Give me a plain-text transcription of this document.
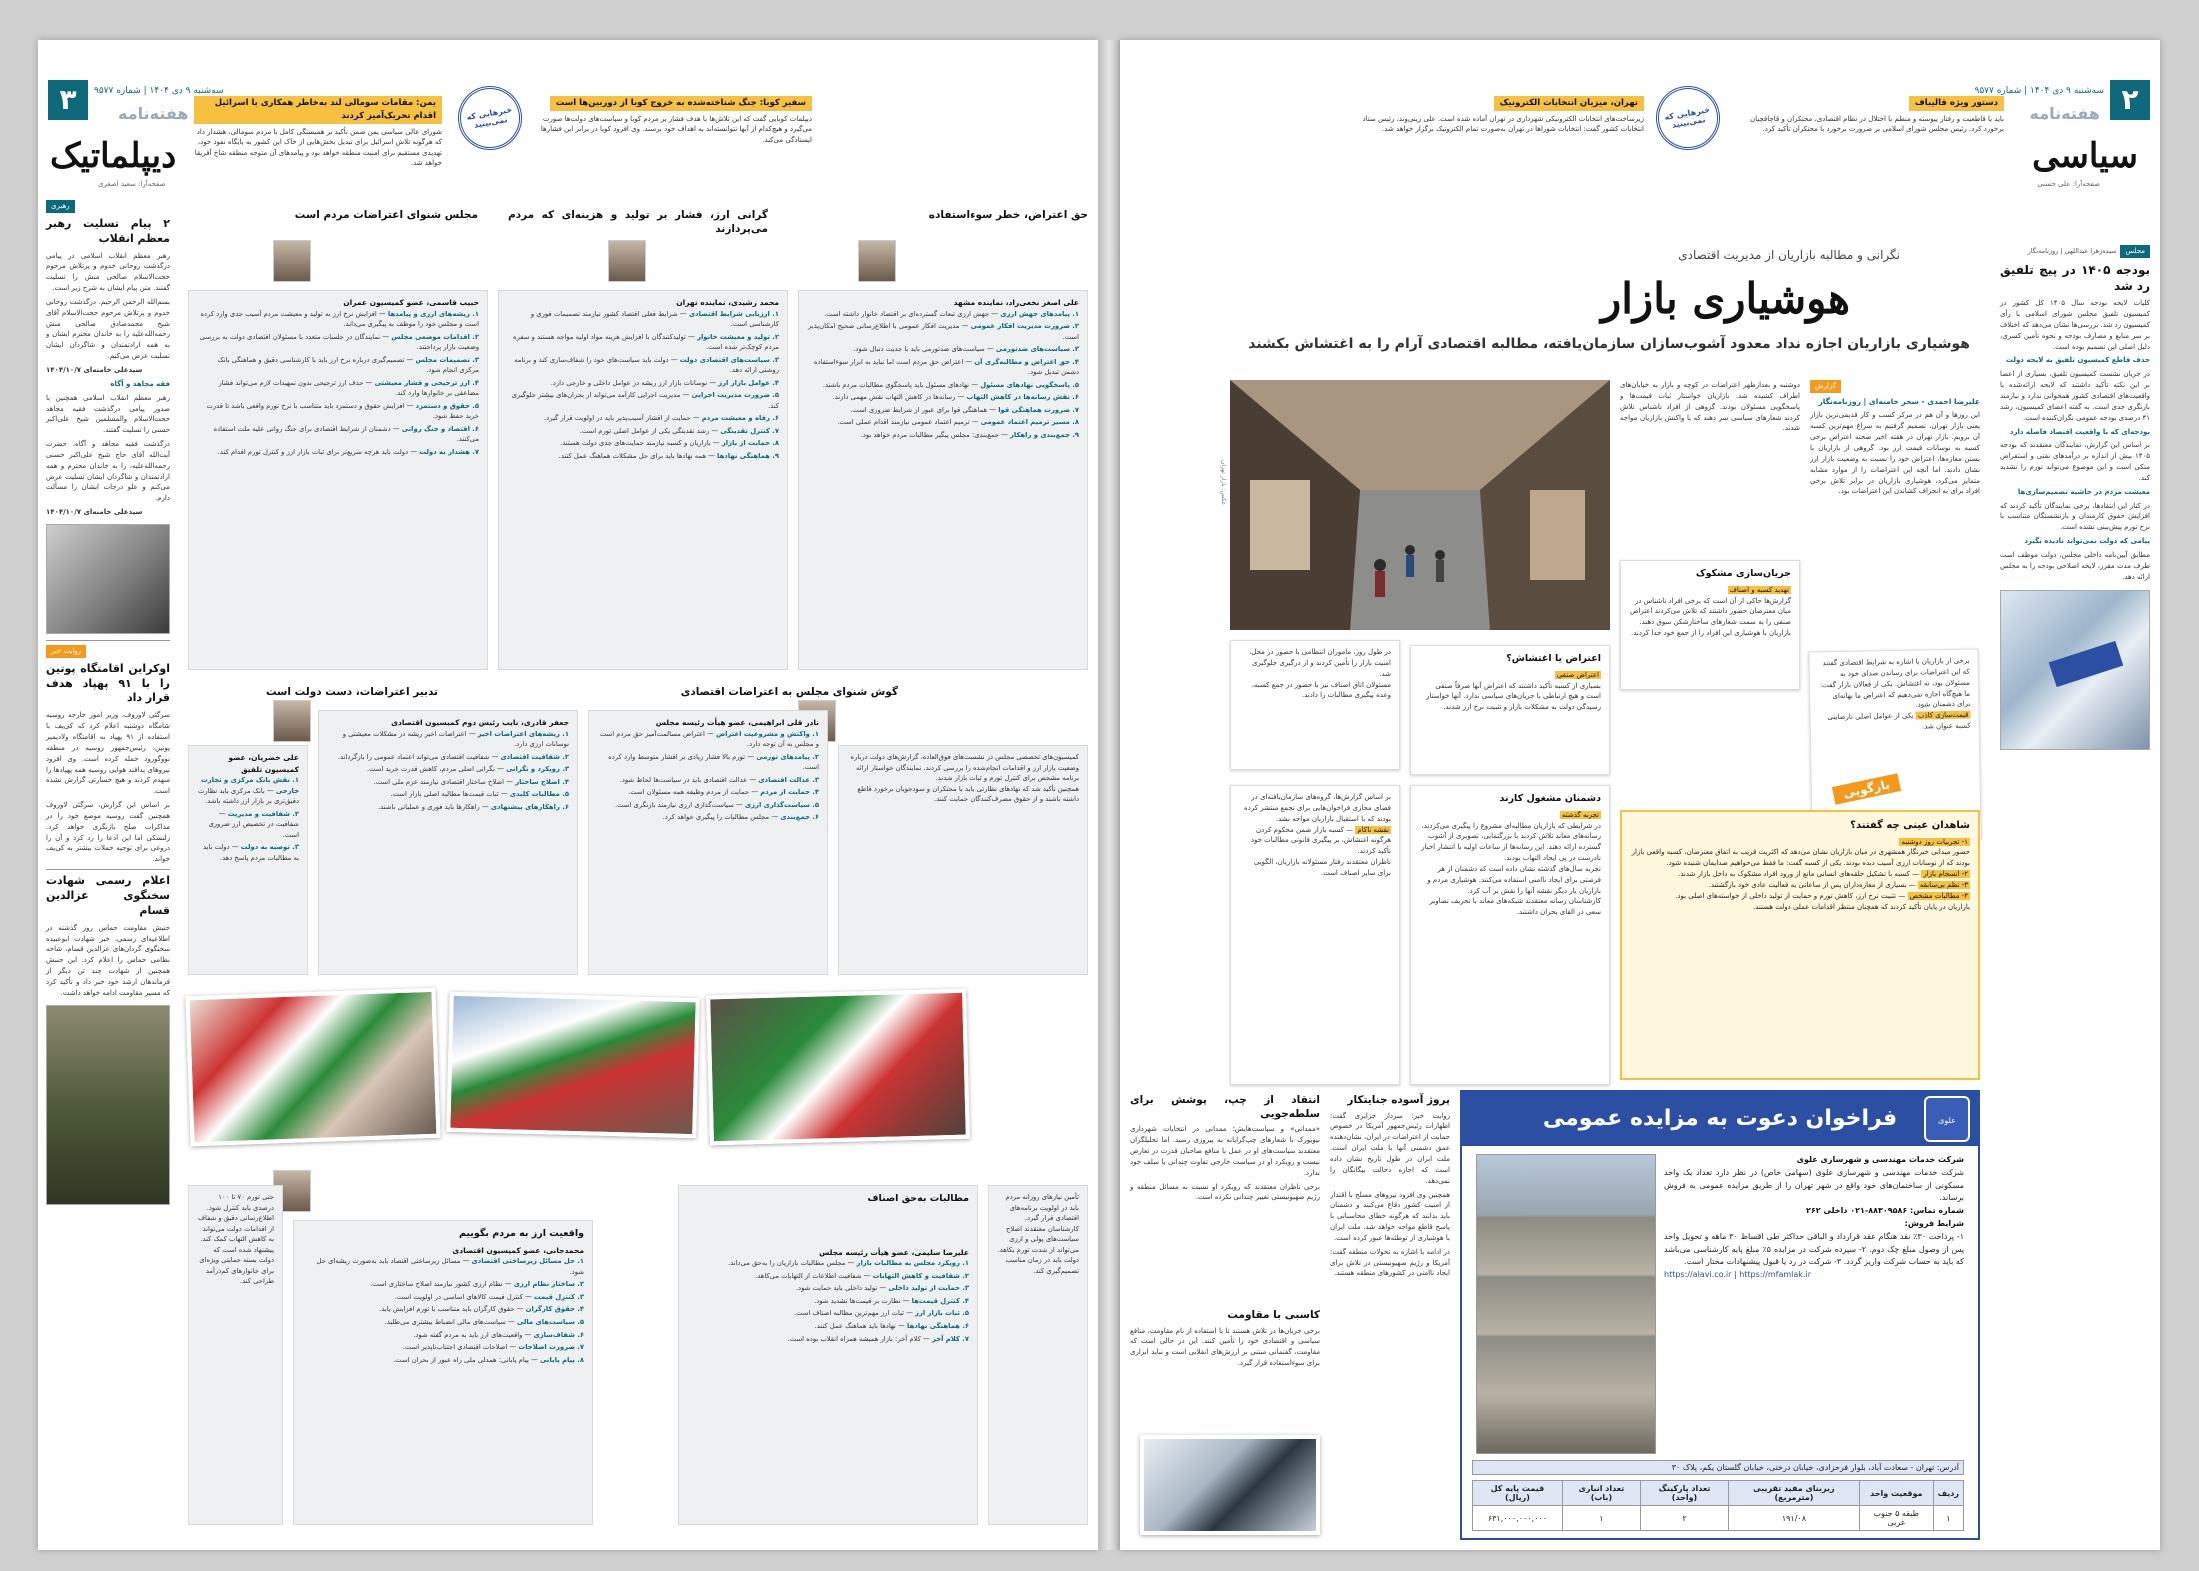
۳	سه‌شنبه ۹ دی ۱۴۰۴ | شماره ۹۵۷۷
هفته‌نامه
دیپلماتیک
صفحه‌آرا: سعید اصغری
یمن: مقامات سومالی لند به‌خاطر همکاری با اسرائیل اقدام تحریک‌آمیز کردند
شورای عالی سیاسی یمن ضمن تأکید بر همبستگی کامل با مردم سومالی، هشدار داد که هرگونه تلاش اسرائیل برای تبدیل بخش‌هایی از خاک این کشور به پایگاه نفوذ خود، تهدیدی مستقیم برای امنیت منطقه خواهد بود و پیامدهای آن متوجه منطقه شاخ آفریقا خواهد شد.
خبرهایی که نمی‌بینید
سفیر کوبا: جنگ شناخته‌شده به خروج کوبا از دوربین‌ها است
دیپلمات کوبایی گفت که این تلاش‌ها با هدف فشار بر مردم کوبا و سیاست‌های دولت‌ها صورت می‌گیرد و هیچ‌کدام از آنها نتوانسته‌اند به اهداف خود برسند. وی افزود کوبا در برابر این فشارها ایستادگی می‌کند.
رهبری
۲ پیام تسلیت رهبر معظم انقلاب

رهبر معظم انقلاب اسلامی در پیامی درگذشت روحانی خدوم و پرتلاش مرحوم حجت‌الاسلام صالحی منش را تسلیت گفتند. متن پیام ایشان به شرح زیر است.

بسم‌الله الرحمن الرحیم. درگذشت روحانی خدوم و پرتلاش مرحوم حجت‌الاسلام آقای شیخ محمدصادق صالحی منش رحمه‌الله‌علیه را به خاندان محترم ایشان و به همه ارادتمندان و شاگردان ایشان تسلیت عرض می‌کنم.

سیدعلی خامنه‌ای ۱۴۰۴/۱۰/۷

فقه مجاهد و آگاه

رهبر معظم انقلاب اسلامی همچنین با صدور پیامی درگذشت فقیه مجاهد حجت‌الاسلام والمسلمین شیخ علی‌اکبر حسنی را تسلیت گفتند.

درگذشت فقیه مجاهد و آگاه، حضرت آیت‌الله آقای حاج شیخ علی‌اکبر حسنی رحمه‌الله‌علیه، را به خاندان محترم و همه ارادتمندان و شاگردان ایشان تسلیت عرض می‌کنم و علو درجات ایشان را مسألت دارم.

سیدعلی خامنه‌ای ۱۴۰۴/۱۰/۷

روایت خبر
اوکراین اقامتگاه پوتین را با ۹۱ پهپاد هدف قرار داد

سرگئی لاوروف، وزیر امور خارجه روسیه شامگاه دوشنبه اعلام کرد که کی‌یف با استفاده از ۹۱ پهپاد به اقامتگاه ولادیمیر پوتین، رئیس‌جمهور روسیه در منطقه نووگورود حمله کرده است. وی افزود نیروهای پدافند هوایی روسیه همه پهپادها را منهدم کردند و هیچ خسارتی گزارش نشده است.

بر اساس این گزارش، سرگئی لاوروف همچنین گفت روسیه موضع خود را در مذاکرات صلح بازنگری خواهد کرد. زلنسکی اما این ادعا را رد کرد و آن را دروغی برای توجیه حملات بیشتر به کی‌یف خواند.

اعلام رسمی شهادت سخنگوی عزالدین قسام

جنبش مقاومت حماس روز گذشته در اطلاعیه‌ای رسمی، خبر شهادت ابوعبیده سخنگوی گردان‌های عزالدین قسام، شاخه نظامی حماس را اعلام کرد. این جنبش همچنین از شهادت چند تن دیگر از فرماندهان ارشد خود خبر داد و تأکید کرد که مسیر مقاومت ادامه خواهد داشت.

مجلس شنوای اعتراضات مردم است	گرانی ارز، فشار بر تولید و هزینه‌ای که مردم می‌پردازند
حق اعتراض، خطر سوءاستفاده
حبیب قاسمی، عضو کمیسیون عمران
۱. ریشه‌های ارزی و پیامدها — افزایش نرخ ارز به تولید و معیشت مردم آسیب جدی وارد کرده است و مجلس خود را موظف به پیگیری می‌داند.
۲. اقدامات موضعی مجلس — نمایندگان در جلسات متعدد با مسئولان اقتصادی دولت به بررسی وضعیت بازار پرداختند.
۳. تصمیمات مجلس — تصمیم‌گیری درباره نرخ ارز باید با کارشناسی دقیق و هماهنگی بانک مرکزی انجام شود.
۴. ارز ترجیحی و فشار معیشتی — حذف ارز ترجیحی بدون تمهیدات لازم می‌تواند فشار مضاعفی بر خانوارها وارد کند.
۵. حقوق و دستمزد — افزایش حقوق و دستمزد باید متناسب با نرخ تورم واقعی باشد تا قدرت خرید حفظ شود.
۶. اقتصاد و جنگ روانی — دشمنان از شرایط اقتصادی برای جنگ روانی علیه ملت استفاده می‌کنند.
۷. هشدار به دولت — دولت باید هرچه سریع‌تر برای ثبات بازار ارز و کنترل تورم اقدام کند.
محمد رشیدی، نماینده تهران
۱. ارزیابی شرایط اقتصادی — شرایط فعلی اقتصاد کشور نیازمند تصمیمات فوری و کارشناسی است.
۲. تولید و معیشت خانوار — تولیدکنندگان با افزایش هزینه مواد اولیه مواجه هستند و سفره مردم کوچک‌تر شده است.
۳. سیاست‌های اقتصادی دولت — دولت باید سیاست‌های خود را شفاف‌سازی کند و برنامه روشنی ارائه دهد.
۴. عوامل بازار ارز — نوسانات بازار ارز ریشه در عوامل داخلی و خارجی دارد.
۵. ضرورت مدیریت اجرایی — مدیریت اجرایی کارآمد می‌تواند از بحران‌های بیشتر جلوگیری کند.
۶. رفاه و معیشت مردم — حمایت از اقشار آسیب‌پذیر باید در اولویت قرار گیرد.
۷. کنترل نقدینگی — رشد نقدینگی یکی از عوامل اصلی تورم است.
۸. حمایت از بازار — بازاریان و کسبه نیازمند حمایت‌های جدی دولت هستند.
۹. هماهنگی نهادها — همه نهادها باید برای حل مشکلات هماهنگ عمل کنند.
علی اصغر نخعی‌راد، نماینده مشهد
۱. پیامدهای جهش ارزی — جهش ارزی تبعات گسترده‌ای بر اقتصاد خانوار داشته است.
۲. ضرورت مدیریت افکار عمومی — مدیریت افکار عمومی با اطلاع‌رسانی صحیح امکان‌پذیر است.
۳. سیاست‌های ضدتورمی — سیاست‌های ضدتورمی باید با جدیت دنبال شود.
۴. حق اعتراض و مطالبه‌گری آن — اعتراض حق مردم است اما نباید به ابزار سوءاستفاده دشمن تبدیل شود.
۵. پاسخگویی نهادهای مسئول — نهادهای مسئول باید پاسخگوی مطالبات مردم باشند.
۶. نقش رسانه‌ها در کاهش التهاب — رسانه‌ها در کاهش التهاب نقش مهمی دارند.
۷. ضرورت هماهنگی قوا — هماهنگی قوا برای عبور از شرایط ضروری است.
۸. مسیر ترمیم اعتماد عمومی — ترمیم اعتماد عمومی نیازمند اقدام عملی است.
۹. جمع‌بندی و راهکار — جمع‌بندی: مجلس پیگیر مطالبات مردم خواهد بود.
تدبیر اعتراضات، دست دولت است	گوش شنوای مجلس به اعتراضات اقتصادی
علی خضریان، عضو کمیسیون تلفیق
۱. نقش بانک مرکزی و تجارت خارجی — بانک مرکزی باید نظارت دقیق‌تری بر بازار ارز داشته باشد.
۲. شفافیت و مدیریت — شفافیت در تخصیص ارز ضروری است.
۳. توصیه به دولت — دولت باید به مطالبات مردم پاسخ دهد.
جعفر قادری، نایب رئیس دوم کمیسیون اقتصادی
۱. ریشه‌های اعتراضات اخیر — اعتراضات اخیر ریشه در مشکلات معیشتی و نوسانات ارزی دارد.
۲. شفافیت اقتصادی — شفافیت اقتصادی می‌تواند اعتماد عمومی را بازگرداند.
۳. رویکرد و نگرانی — نگرانی اصلی مردم، کاهش قدرت خرید است.
۴. اصلاح ساختار — اصلاح ساختار اقتصادی نیازمند عزم ملی است.
۵. مطالبات کلیدی — ثبات قیمت‌ها مطالبه اصلی بازار است.
۶. راهکارهای پیشنهادی — راهکارها باید فوری و عملیاتی باشند.
نادر قلی ابراهیمی، عضو هیأت رئیسه مجلس
۱. واکنش و مشروعیت اعتراض — اعتراض مسالمت‌آمیز حق مردم است و مجلس به آن توجه دارد.
۲. پیامدهای تورمی — تورم بالا فشار زیادی بر اقشار متوسط وارد کرده است.
۳. عدالت اقتصادی — عدالت اقتصادی باید در سیاست‌ها لحاظ شود.
۴. حمایت از مردم — حمایت از مردم وظیفه همه مسئولان است.
۵. سیاست‌گذاری ارزی — سیاست‌گذاری ارزی نیازمند بازنگری است.
۶. جمع‌بندی — مجلس مطالبات را پیگیری خواهد کرد.

کمیسیون‌های تخصصی مجلس در نشست‌های فوق‌العاده، گزارش‌های دولت درباره وضعیت بازار ارز و اقدامات انجام‌شده را بررسی کردند. نمایندگان خواستار ارائه برنامه مشخص برای کنترل تورم و ثبات بازار شدند.

همچنین تأکید شد که نهادهای نظارتی باید با محتکران و سودجویان برخورد قاطع داشته باشند و از حقوق مصرف‌کنندگان حمایت کنند.

حتی تورم ۷۰ تا ۱۰۰ درصدی باید کنترل شود. اطلاع‌رسانی دقیق و شفاف از اقدامات دولت می‌تواند به کاهش التهاب کمک کند.

پیشنهاد شده است که دولت بسته حمایتی ویژه‌ای برای خانوارهای کم‌درآمد طراحی کند.

واقعیت ارز به مردم بگوییم
محمدجانی، عضو کمیسیون اقتصادی
۱. حل مسائل زیرساختی اقتصادی — مسائل زیرساختی اقتصاد باید به‌صورت ریشه‌ای حل شود.
۲. ساختار نظام ارزی — نظام ارزی کشور نیازمند اصلاح ساختاری است.
۳. کنترل قیمت — کنترل قیمت کالاهای اساسی در اولویت است.
۴. حقوق کارگران — حقوق کارگران باید متناسب با تورم افزایش یابد.
۵. سیاست‌های مالی — سیاست‌های مالی انضباط بیشتری می‌طلبد.
۶. شفاف‌سازی — واقعیت‌های ارز باید به مردم گفته شود.
۷. ضرورت اصلاحات — اصلاحات اقتصادی اجتناب‌ناپذیر است.
۸. پیام پایانی — پیام پایانی: همدلی ملی راه عبور از بحران است.
مطالبات به‌حق اصناف
علیرضا سلیمی، عضو هیأت رئیسه مجلس
۱. رویکرد مجلس به مطالبات بازار — مجلس مطالبات بازاریان را به‌حق می‌داند.
۲. شفافیت و کاهش التهابات — شفافیت اطلاعات از التهابات می‌کاهد.
۳. حمایت از تولید داخلی — تولید داخلی باید حمایت شود.
۴. کنترل قیمت‌ها — نظارت بر قیمت‌ها تشدید شود.
۵. ثبات بازار ارز — ثبات ارز مهم‌ترین مطالبه اصناف است.
۶. هماهنگی نهادها — نهادها باید هماهنگ عمل کنند.
۷. کلام آخر — کلام آخر: بازار همیشه همراه انقلاب بوده است.

تأمین نیازهای روزانه مردم باید در اولویت برنامه‌های اقتصادی قرار گیرد. کارشناسان معتقدند اصلاح سیاست‌های پولی و ارزی می‌تواند از شدت تورم بکاهد.

دولت باید در زمان مناسب تصمیم‌گیری کند.

۲
سه‌شنبه ۹ دی ۱۴۰۴ | شماره ۹۵۷۷
هفته‌نامه
سیاسی
صفحه‌آرا: علی حسنی
دستور ویژه قالیباف
باید با قاطعیت و رفتار پیوسته و منظم با اختلال در نظام اقتصادی، محتکران و قاچاقچیان برخورد کرد. رئیس مجلس شورای اسلامی بر ضرورت برخورد با محتکران تأکید کرد.
خبرهایی که نمی‌بینید
تهران، میزبان انتخابات الکترونیک
زیرساخت‌های انتخابات الکترونیکی شهرداری در تهران آماده شده است. علی زینی‌وند، رئیس ستاد انتخابات کشور گفت: انتخابات شوراها در تهران به‌صورت تمام الکترونیک برگزار خواهد شد.
مجلس
سیده‌زهرا عبداللهی | روزنامه‌نگار
بودجه ۱۴۰۵ در پیچ تلفیق رد شد

کلیات لایحه بودجه سال ۱۴۰۵ کل کشور در کمیسیون تلفیق مجلس شورای اسلامی با رأی کمیسیون رد شد. بررسی‌ها نشان می‌دهد که اختلاف بر سر منابع و مصارف بودجه و نحوه تأمین کسری، دلیل اصلی این تصمیم بوده است.

حذف قاطع کمیسیون تلفیق به لایحه دولت

در جریان نشست کمیسیون تلفیق، بسیاری از اعضا بر این نکته تأکید داشتند که لایحه ارائه‌شده با واقعیت‌های اقتصادی کشور همخوانی ندارد و نیازمند بازنگری جدی است. به گفته اعضای کمیسیون، رشد ۴۱ درصدی بودجه عمومی نگران‌کننده است.

بودجه‌ای که با واقعیت اقتصاد فاصله دارد

بر اساس این گزارش، نمایندگان معتقدند که بودجه ۱۴۰۵ بیش از اندازه بر درآمدهای نفتی و استقراض متکی است و این موضوع می‌تواند تورم را تشدید کند.

معیشت مردم در حاشیه تصمیم‌سازی‌ها

در کنار این انتقادها، برخی نمایندگان تأکید کردند که افزایش حقوق کارمندان و بازنشستگان متناسب با نرخ تورم پیش‌بینی نشده است.

پیامی که دولت نمی‌تواند نادیده بگیرد

مطابق آیین‌نامه داخلی مجلس، دولت موظف است ظرف مدت مقرر، لایحه اصلاحی بودجه را به مجلس ارائه دهد.

نگرانی و مطالبه بازاریان از مدیریت اقتصادی
هوشیاری بازار
هوشیاری بازاریان اجازه نداد معدود آشوب‌سازان سازمان‌یافته، مطالبه اقتصادی آرام را به اغتشاش بکشند
گزارش
علیرضا احمدی - سحر خامنه‌ای | روزنامه‌نگار

این روزها و آن هم در مرکز کسب و کار قدیمی‌ترین بازار یعنی بازار تهران، تصمیم گرفتیم به سراغ مهم‌ترین کسبه آن برویم. بازار تهران در هفته اخیر صحنه اعتراض برخی کسبه به نوسانات قیمت ارز بود. گروهی از بازاریان با بستن مغازه‌ها، اعتراض خود را نسبت به وضعیت بازار ارز نشان دادند. اما آنچه این اعتراضات را از موارد مشابه متمایز می‌کرد، هوشیاری بازاریان در برابر تلاش برخی افراد برای به انحراف کشاندن این اعتراضات بود.

دوشنبه و بعدازظهر اعتراضات در کوچه و بازار به خیابان‌های اطراف کشیده شد. بازاریان خواستار ثبات قیمت‌ها و پاسخگویی مسئولان بودند. گروهی از افراد ناشناس تلاش کردند شعارهای سیاسی سر دهند که با واکنش بازاریان مواجه شدند.

عکس: بازار تهران
جریان‌سازی مشکوک
تهدید کسبه و اصناف

گزارش‌ها حاکی از آن است که برخی افراد ناشناس در میان معترضان حضور داشتند که تلاش می‌کردند اعتراض صنفی را به سمت شعارهای ساختارشکن سوق دهند. بازاریان با هوشیاری این افراد را از جمع خود جدا کردند.

برخی از بازاریان با اشاره به شرایط اقتصادی گفتند که این اعتراضات برای رساندن صدای خود به مسئولان بود، نه اغتشاش. یکی از فعالان بازار گفت: ما هیچ‌گاه اجازه نمی‌دهیم که اعتراض ما بهانه‌ای برای دشمنان شود.

قیمت‌سازی کاذب یکی از عوامل اصلی نارضایتی کسبه عنوان شد.

اعتراض یا اغتشاش؟
اعتراض صنفی

بسیاری از کسبه تأکید داشتند که اعتراض آنها صرفاً صنفی است و هیچ ارتباطی با جریان‌های سیاسی ندارد. آنها خواستار رسیدگی دولت به مشکلات بازار و تثبیت نرخ ارز شدند.

در طول روز، ماموران انتظامی با حضور در محل، امنیت بازار را تأمین کردند و از درگیری جلوگیری شد.

مسئولان اتاق اصناف نیز با حضور در جمع کسبه، وعده پیگیری مطالبات را دادند.

دشمنان مشغول کارند
تجربه گذشته

در شرایطی که بازاریان مطالبه‌ای مشروع را پیگیری می‌کردند، رسانه‌های معاند تلاش کردند با بزرگنمایی، تصویری از آشوب گسترده ارائه دهند. این رسانه‌ها از ساعات اولیه با انتشار اخبار نادرست در پی ایجاد التهاب بودند.

تجربه سال‌های گذشته نشان داده است که دشمنان از هر فرصتی برای ایجاد ناامنی استفاده می‌کنند. هوشیاری مردم و بازاریان بار دیگر نقشه آنها را نقش بر آب کرد.

کارشناسان رسانه معتقدند شبکه‌های معاند با تحریف تصاویر سعی در القای بحران داشتند.

بر اساس گزارش‌ها، گروه‌های سازمان‌یافته‌ای در فضای مجازی فراخوان‌هایی برای تجمع منتشر کرده بودند که با استقبال بازاریان مواجه نشد.

نقشه ناکام — کسبه بازار ضمن محکوم کردن هرگونه اغتشاش، بر پیگیری قانونی مطالبات خود تأکید کردند.

ناظران معتقدند رفتار مسئولانه بازاریان، الگویی برای سایر اصناف است.

بازگویی
شاهدان عینی چه گفتند؟
۱- تجربیات روز دوشنبه

حضور میدانی خبرنگار همشهری در میان بازاریان نشان می‌دهد که اکثریت قریب به اتفاق معترضان، کسبه واقعی بازار بودند که از نوسانات ارزی آسیب دیده بودند. یکی از کسبه گفت: ما فقط می‌خواهیم صدایمان شنیده شود.

۲- انسجام بازار — کسبه با تشکیل حلقه‌های انسانی مانع از ورود افراد مشکوک به داخل بازار شدند.

۳- نظم بی‌سابقه — بسیاری از مغازه‌داران پس از ساعاتی به فعالیت عادی خود بازگشتند.

۴- مطالبات مشخص — تثبیت نرخ ارز، کاهش تورم و حمایت از تولید داخلی از خواسته‌های اصلی بود.

بازاریان در پایان تأکید کردند که همچنان منتظر اقدامات عملی دولت هستند.

فراخوان دعوت به مزایده عمومی	علوی

شرکت خدمات مهندسی و شهرسازی علوی

شرکت خدمات مهندسی و شهرسازی علوی (سهامی خاص) در نظر دارد تعداد یک واحد مسکونی از ساختمان‌های خود واقع در شهر تهران را از طریق مزایده عمومی به فروش برساند.

شماره تماس: ۸۸۳۰۹۵۸۶-۰۲۱ داخلی ۲۶۲

شرایط فروش:

۱- پرداخت ۳۰٪ نقد هنگام عقد قرارداد و الباقی حداکثر طی اقساط ۳۰ ماهه و تحویل واحد پس از وصول مبلغ چک دوم. ۲- سپرده شرکت در مزایده ۵٪ مبلغ پایه کارشناسی می‌باشد که باید به حساب شرکت واریز گردد. ۳- شرکت در رد یا قبول پیشنهادات مختار است.

https://alavi.co.ir | https://mfamlak.ir

آدرس: تهران - سعادت آباد، بلوار فرحزادی، خیابان درختی، خیابان گلستان یکم، پلاک ۳۰
ردیف	موقعیت واحد	زیربنای مفید تقریبی (مترمربع)	تعداد پارکینگ (واحد)	تعداد انباری (باب)	قیمت پایه کل (ریال)
۱	طبقه ۵ جنوب غربی	۱۹۱/۰۸	۲	۱	۶۳۱,۰۰۰,۰۰۰,۰۰۰
پروژ آسوده جنایتکار

روایت خبر: سردار جزایری گفت: اظهارات رئیس‌جمهور آمریکا در خصوص حمایت از اعتراضات در ایران، نشان‌دهنده عمق دشمنی آنها با ملت ایران است. ملت ایران در طول تاریخ نشان داده است که اجازه دخالت بیگانگان را نمی‌دهد.

همچنین وی افزود نیروهای مسلح با اقتدار از امنیت کشور دفاع می‌کنند و دشمنان باید بدانند که هرگونه خطای محاسباتی با پاسخ قاطع مواجه خواهد شد. ملت ایران با هوشیاری از توطئه‌ها عبور کرده است.

در ادامه با اشاره به تحولات منطقه گفت: آمریکا و رژیم صهیونیستی در تلاش برای ایجاد ناامنی در کشورهای منطقه هستند.

انتقاد از چپ، پوشش برای سلطه‌جویی

«ممدانی» و سیاست‌هایش؛ ممدانی در انتخابات شهرداری نیویورک با شعارهای چپ‌گرایانه به پیروزی رسید. اما تحلیلگران معتقدند سیاست‌های او در عمل با منافع صاحبان قدرت در تعارض نیست و رویکرد او در سیاست خارجی تفاوت چندانی با سلف خود ندارد.

برخی ناظران معتقدند که رویکرد او نسبت به مسائل منطقه و رژیم صهیونیستی تغییر چندانی نکرده است.

کاسبی با مقاومت

برخی جریان‌ها در تلاش هستند تا با استفاده از نام مقاومت، منافع سیاسی و اقتصادی خود را تأمین کنند. این در حالی است که مقاومت، گفتمانی مبتنی بر ارزش‌های انقلابی است و نباید ابزاری برای سوءاستفاده قرار گیرد.
